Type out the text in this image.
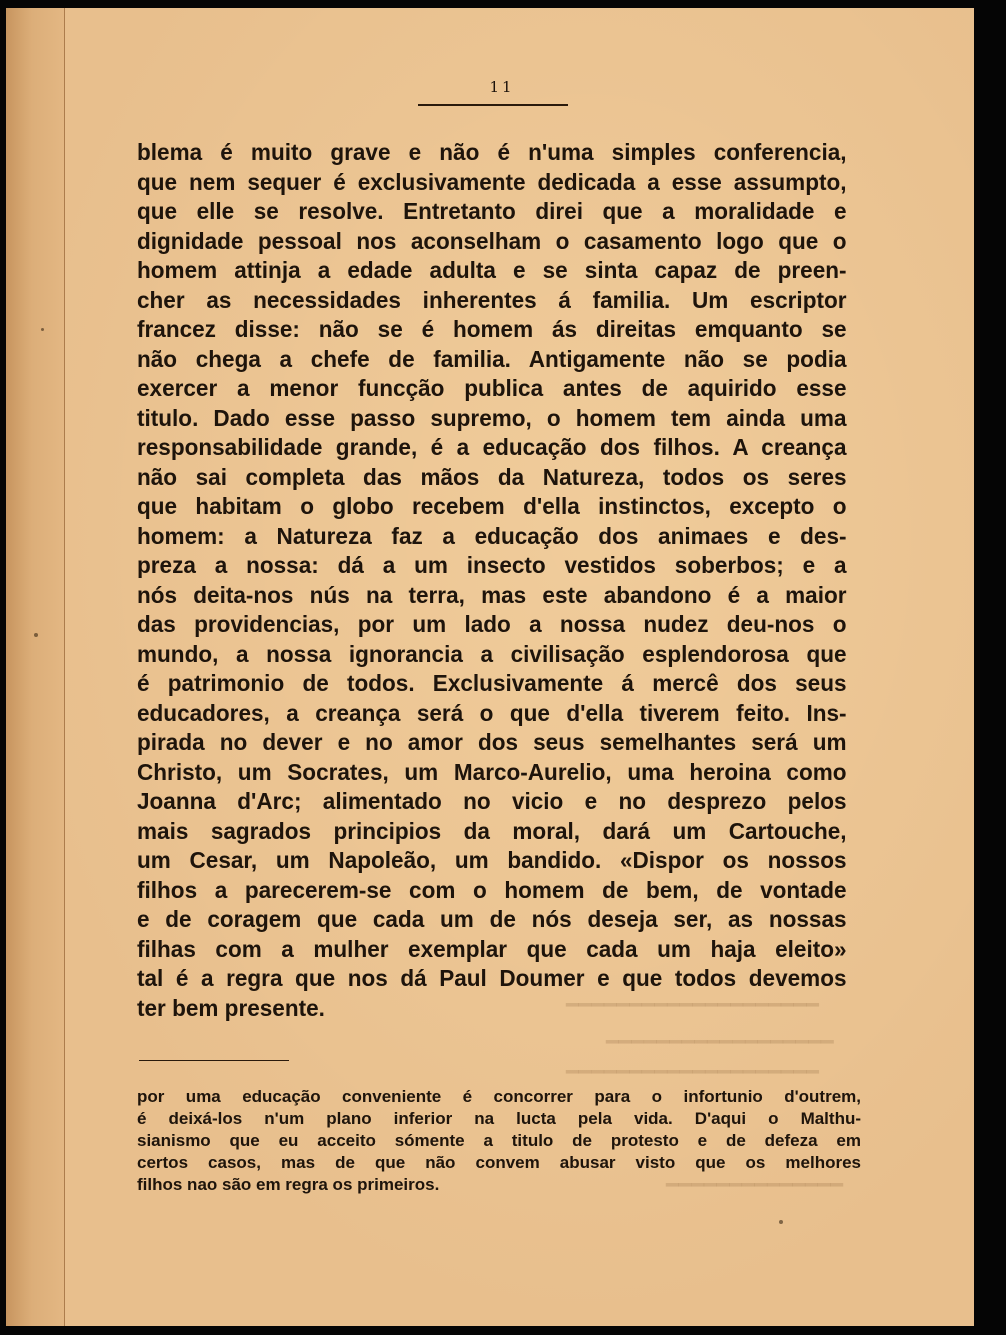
━━━━━━━━━━━━━━━━━━━━
━━━━━━━━━━━━━━━━━━
━━━━━━━━━━━━━━━━━━━━
━━━━━━━━━━━━━━
11
blema é muito grave e não é n'uma simples conferencia,
que nem sequer é exclusivamente dedicada a esse assumpto,
que elle se resolve. Entretanto direi que a moralidade e
dignidade pessoal nos aconselham o casamento logo que o
homem attinja a edade adulta e se sinta capaz de preen-
cher as necessidades inherentes á familia. Um escriptor
francez disse: não se é homem ás direitas emquanto se
não chega a chefe de familia. Antigamente não se podia
exercer a menor funcção publica antes de aquirido esse
titulo. Dado esse passo supremo, o homem tem ainda uma
responsabilidade grande, é a educação dos filhos. A creança
não sai completa das mãos da Natureza, todos os seres
que habitam o globo recebem d'ella instinctos, excepto o
homem: a Natureza faz a educação dos animaes e des-
preza a nossa: dá a um insecto vestidos soberbos; e a
nós deita-nos nús na terra, mas este abandono é a maior
das providencias, por um lado a nossa nudez deu-nos o
mundo, a nossa ignorancia a civilisação esplendorosa que
é patrimonio de todos. Exclusivamente á mercê dos seus
educadores, a creança será o que d'ella tiverem feito. Ins-
pirada no dever e no amor dos seus semelhantes será um
Christo, um Socrates, um Marco-Aurelio, uma heroina como
Joanna d'Arc; alimentado no vicio e no desprezo pelos
mais sagrados principios da moral, dará um Cartouche,
um Cesar, um Napoleão, um bandido. «Dispor os nossos
filhos a parecerem-se com o homem de bem, de vontade
e de coragem que cada um de nós deseja ser, as nossas
filhas com a mulher exemplar que cada um haja eleito»
tal é a regra que nos dá Paul Doumer e que todos devemos
ter bem presente.
por uma educação conveniente é concorrer para o infortunio d'outrem,
é deixá-los n'um plano inferior na lucta pela vida. D'aqui o Malthu-
sianismo que eu acceito sómente a titulo de protesto e de defeza em
certos casos, mas de que não convem abusar visto que os melhores
filhos nao são em regra os primeiros.
